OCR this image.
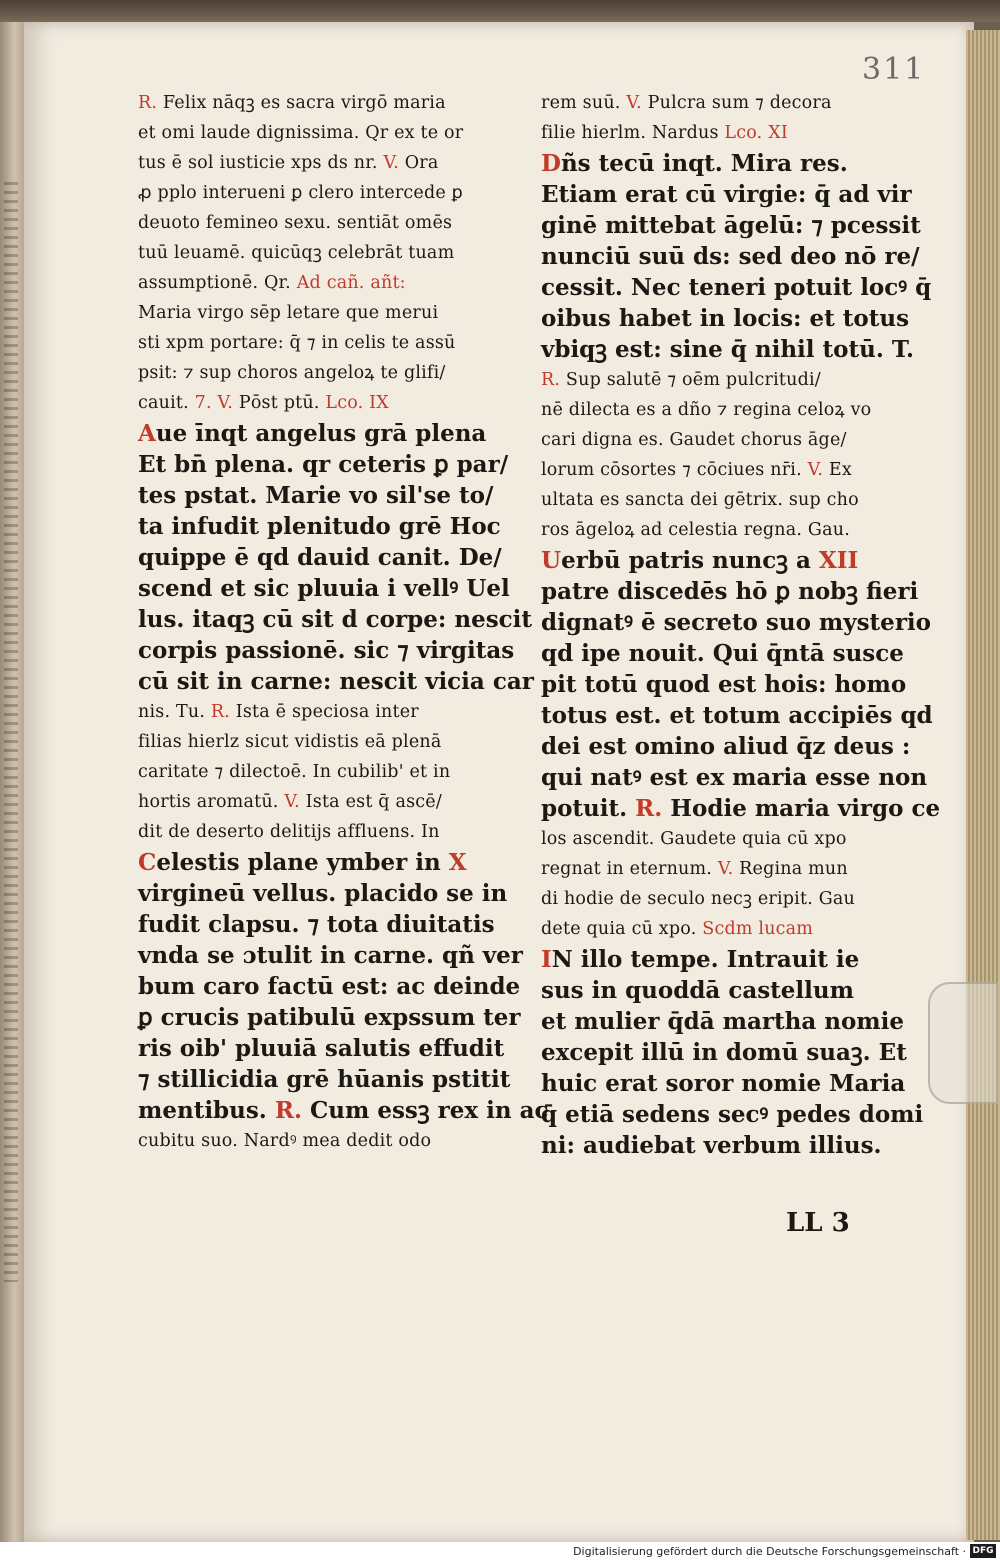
311
R. Felix nāqꝫ es sacra virgō maria
et omi laude dignissima. Qr ex te or
tus ē sol iusticie xps ds nr. V. Ora
ꝓ pplo interueni ꝑ clero intercede ꝑ
deuoto femineo sexu. sentiāt omēs
tuū leuamē. quicūqꝫ celebrāt tuam
assumptionē. Qr. Ad cañ. añt:
Maria virgo sēp letare que merui
sti xpm portare: q̄ ⁊ in celis te assū
psit: ⁊ sup choros angeloꝝ te glifi/
cauit. 7. V. Pōst ptū. Lco. IX
Aue īnqt angelus grā plena
Et bn̄ plena. qr ceteris ꝑ par/
tes pstat. Marie vo sil'se to/
ta infudit plenitudo grē Hoc
quippe ē qd dauid canit. De/
scend et sic pluuia i vellꝰ Uel
lus. itaqꝫ cū sit d corpe: nescit
corpis passionē. sic ⁊ virgitas
cū sit in carne: nescit vicia car
nis. Tu. R. Ista ē speciosa inter
filias hierlz sicut vidistis eā plenā
caritate ⁊ dilectoē. In cubilib' et in
hortis aromatū. V. Ista est q̄ ascē/
dit de deserto delitijs affluens. In
Celestis plane ymber in X
virgineū vellus. placido se in
fudit clapsu. ⁊ tota diuitatis
vnda se ɔtulit in carne. qñ ver
bum caro factū est: ac deinde
ꝑ crucis patibulū expssum ter
ris oib' pluuiā salutis effudit
⁊ stillicidia grē hūanis pstitit
mentibus. R. Cum essꝫ rex in ac
cubitu suo. Nardꝰ mea dedit odo
rem suū. V. Pulcra sum ⁊ decora
filie hierlm. Nardus Lco. XI
Dñs tecū inqt. Mira res.
Etiam erat cū virgie: q̄ ad vir
ginē mittebat āgelū: ⁊ pcessit
nunciū suū ds: sed deo nō re/
cessit. Nec teneri potuit locꝰ q̄
oibus habet in locis: et totus
vbiqꝫ est: sine q̄ nihil totū. T.
R. Sup salutē ⁊ oēm pulcritudi/
nē dilecta es a dño ⁊ regina celoꝝ vo
cari digna es. Gaudet chorus āge/
lorum cōsortes ⁊ cōciues nr̄i. V. Ex
ultata es sancta dei gētrix. sup cho
ros āgeloꝝ ad celestia regna. Gau.
Uerbū patris nuncꝫ a XII
patre discedēs hō ꝑ nobꝫ fieri
dignatꝰ ē secreto suo mysterio
qd ipe nouit. Qui q̄ntā susce
pit totū quod est hois: homo
totus est. et totum accipiēs qd
dei est omino aliud q̄z deus :
qui natꝰ est ex maria esse non
potuit. R. Hodie maria virgo ce
los ascendit. Gaudete quia cū xpo
regnat in eternum. V. Regina mun
di hodie de seculo necꝫ eripit. Gau
dete quia cū xpo. Scdm lucam
IN illo tempe. Intrauit ie
sus in quoddā castellum
et mulier q̄dā martha nomie
excepit illū in domū suaꝫ. Et
huic erat soror nomie Maria
q̄ etiā sedens secꝰ pedes domi
ni: audiebat verbum illius.
LL 3
Digitalisierung gefördert durch die Deutsche Forschungsgemeinschaft · DFG
